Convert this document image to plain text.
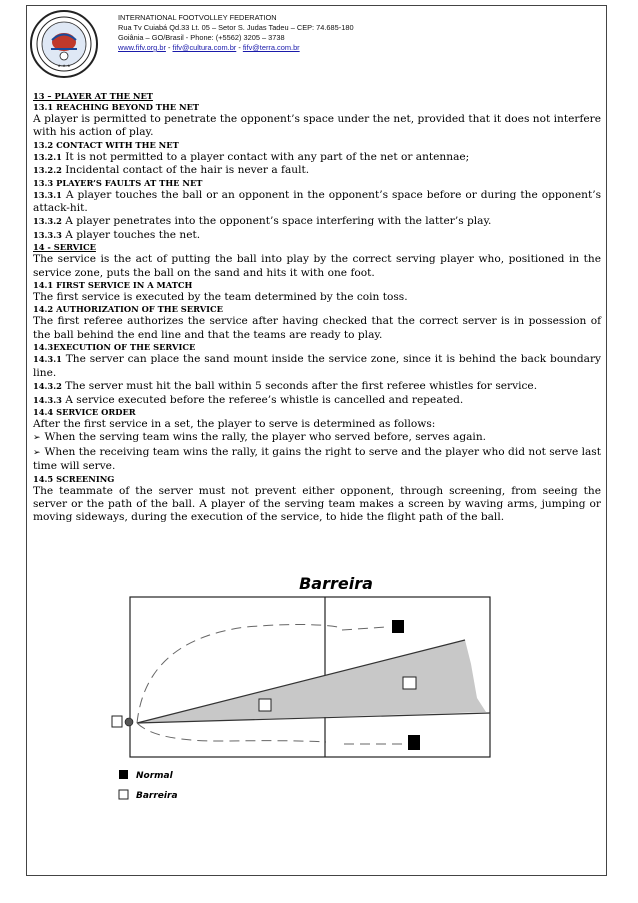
★ ★ ★
INTERNATIONAL FOOTVOLLEY FEDERATION
Rua Tv Cuiabá Qd.33 Lt. 05 – Setor S. Judas Tadeu – CEP: 74.685-180
Goiânia – GO/Brasil - Phone: (+5562) 3205 – 3738
www.fifv.org.br - fifv@cultura.com.br - fifv@terra.com.br
13 – PLAYER AT THE NET
13.1 REACHING BEYOND THE NET

A player is permitted to penetrate the opponent’s space under the net, provided that it does not interfere with his action of play.

13.2 CONTACT WITH THE NET

13.2.1 It is not permitted to a player contact with any part of the net or antennae;

13.2.2 Incidental contact of the hair is never a fault.

13.3 PLAYER’S FAULTS AT THE NET

13.3.1 A player touches the ball or an opponent in the opponent’s space before or during the opponent’s attack-hit.

13.3.2 A player penetrates into the opponent’s space interfering with the latter’s play.

13.3.3 A player touches the net.

14 - SERVICE

The service is the act of putting the ball into play by the correct serving player who, positioned in the service zone, puts the ball on the sand and hits it with one foot.

14.1 FIRST SERVICE IN A MATCH

The first service is executed by the team determined by the coin toss.

14.2 AUTHORIZATION OF THE SERVICE

The first referee authorizes the service after having checked that the correct server is in possession of the ball behind the end line and that the teams are ready to play.

14.3EXECUTION OF THE SERVICE

14.3.1 The server can place the sand mount inside the service zone, since it is behind the back boundary line.

14.3.2 The server must hit the ball within 5 seconds after the first referee whistles for service.

14.3.3 A service executed before the referee’s whistle is cancelled and repeated.

14.4 SERVICE ORDER

After the first service in a set, the player to serve is determined as follows:

➢ When the serving team wins the rally, the player who served before, serves again.

➢ When the receiving team wins the rally, it gains the right to serve and the player who did not serve last time will serve.

14.5 SCREENING

The teammate of the server must not prevent either opponent, through screening, from seeing the server or the path of the ball. A player of the serving team makes a screen by waving arms, jumping or moving sideways, during the execution of the service, to hide the flight path of the ball.

Barreira
Normal
Barreira
